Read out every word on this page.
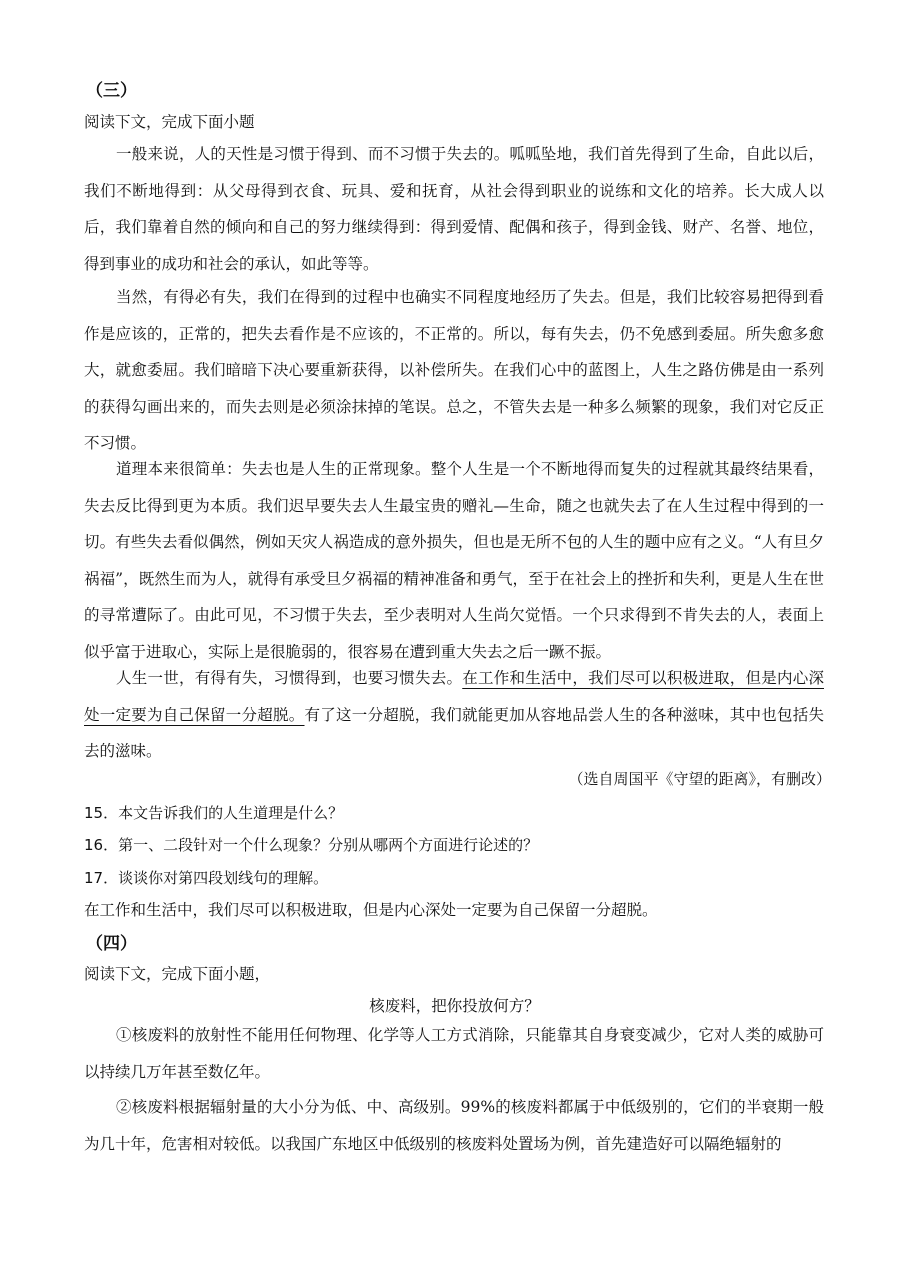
（三）
阅读下文，完成下面小题

一般来说，人的天性是习惯于得到、而不习惯于失去的。呱呱坠地，我们首先得到了生命，自此以后，我们不断地得到：从父母得到衣食、玩具、爱和抚育，从社会得到职业的说练和文化的培养。长大成人以后，我们靠着自然的倾向和自己的努力继续得到：得到爱情、配偶和孩子，得到金钱、财产、名誉、地位，得到事业的成功和社会的承认，如此等等。

当然，有得必有失，我们在得到的过程中也确实不同程度地经历了失去。但是，我们比较容易把得到看作是应该的，正常的，把失去看作是不应该的，不正常的。所以，每有失去，仍不免感到委屈。所失愈多愈大，就愈委屈。我们暗暗下决心要重新获得，以补偿所失。在我们心中的蓝图上，人生之路仿佛是由一系列的获得勾画出来的，而失去则是必须涂抹掉的笔误。总之，不管失去是一种多么频繁的现象，我们对它反正不习惯。

道理本来很简单：失去也是人生的正常现象。整个人生是一个不断地得而复失的过程就其最终结果看，失去反比得到更为本质。我们迟早要失去人生最宝贵的赠礼—生命，随之也就失去了在人生过程中得到的一切。有些失去看似偶然，例如天灾人祸造成的意外损失，但也是无所不包的人生的题中应有之义。“人有旦夕祸福”，既然生而为人，就得有承受旦夕祸福的精神准备和勇气，至于在社会上的挫折和失利，更是人生在世的寻常遭际了。由此可见，不习惯于失去，至少表明对人生尚欠觉悟。一个只求得到不肯失去的人，表面上似乎富于进取心，实际上是很脆弱的，很容易在遭到重大失去之后一蹶不振。

人生一世，有得有失，习惯得到，也要习惯失去。在工作和生活中，我们尽可以积极进取，但是内心深处一定要为自己保留一分超脱。有了这一分超脱，我们就能更加从容地品尝人生的各种滋味，其中也包括失去的滋味。

（选自周国平《守望的距离》，有删改）
15．本文告诉我们的人生道理是什么？
16．第一、二段针对一个什么现象？分别从哪两个方面进行论述的？
17．谈谈你对第四段划线句的理解。
在工作和生活中，我们尽可以积极进取，但是内心深处一定要为自己保留一分超脱。
（四）
阅读下文，完成下面小题，
核废料，把你投放何方？

①核废料的放射性不能用任何物理、化学等人工方式消除，只能靠其自身衰变减少，它对人类的威胁可以持续几万年甚至数亿年。

②核废料根据辐射量的大小分为低、中、高级别。99%的核废料都属于中低级别的，它们的半衰期一般为几十年，危害相对较低。以我国广东地区中低级别的核废料处置场为例，首先建造好可以隔绝辐射的
